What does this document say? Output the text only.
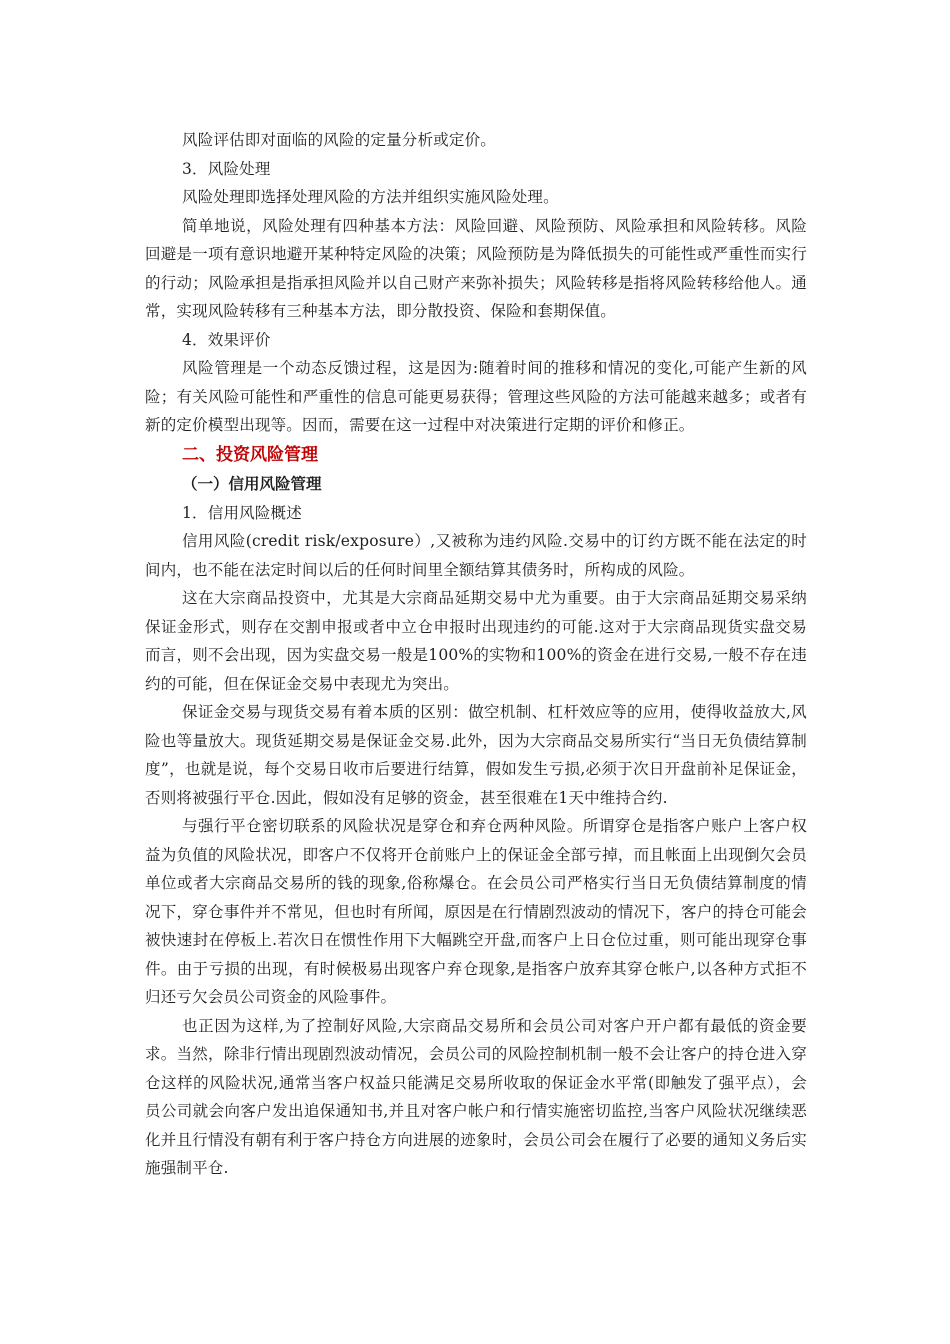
风险评估即对面临的风险的定量分析或定价。

3．风险处理

风险处理即选择处理风险的方法并组织实施风险处理。

简单地说，风险处理有四种基本方法：风险回避、风险预防、风险承担和风险转移。风险回避是一项有意识地避开某种特定风险的决策；风险预防是为降低损失的可能性或严重性而实行的行动；风险承担是指承担风险并以自己财产来弥补损失；风险转移是指将风险转移给他人。通常，实现风险转移有三种基本方法，即分散投资、保险和套期保值。

4．效果评价

风险管理是一个动态反馈过程，这是因为:随着时间的推移和情况的变化,可能产生新的风险；有关风险可能性和严重性的信息可能更易获得；管理这些风险的方法可能越来越多；或者有新的定价模型出现等。因而，需要在这一过程中对决策进行定期的评价和修正。

二、投资风险管理
（一）信用风险管理

1．信用风险概述

信用风险(credit risk/exposure）,又被称为违约风险.交易中的订约方既不能在法定的时间内，也不能在法定时间以后的任何时间里全额结算其债务时，所构成的风险。

这在大宗商品投资中，尤其是大宗商品延期交易中尤为重要。由于大宗商品延期交易采纳保证金形式，则存在交割申报或者中立仓申报时出现违约的可能.这对于大宗商品现货实盘交易而言，则不会出现，因为实盘交易一般是100%的实物和100%的资金在进行交易,一般不存在违约的可能，但在保证金交易中表现尤为突出。

保证金交易与现货交易有着本质的区别：做空机制、杠杆效应等的应用，使得收益放大,风险也等量放大。现货延期交易是保证金交易.此外，因为大宗商品交易所实行“当日无负债结算制度”，也就是说，每个交易日收市后要进行结算，假如发生亏损,必须于次日开盘前补足保证金，否则将被强行平仓.因此，假如没有足够的资金，甚至很难在1天中维持合约.

与强行平仓密切联系的风险状况是穿仓和弃仓两种风险。所谓穿仓是指客户账户上客户权益为负值的风险状况，即客户不仅将开仓前账户上的保证金全部亏掉，而且帐面上出现倒欠会员单位或者大宗商品交易所的钱的现象,俗称爆仓。在会员公司严格实行当日无负债结算制度的情况下，穿仓事件并不常见，但也时有所闻，原因是在行情剧烈波动的情况下，客户的持仓可能会被快速封在停板上.若次日在惯性作用下大幅跳空开盘,而客户上日仓位过重，则可能出现穿仓事件。由于亏损的出现，有时候极易出现客户弃仓现象,是指客户放弃其穿仓帐户,以各种方式拒不归还亏欠会员公司资金的风险事件。

也正因为这样,为了控制好风险,大宗商品交易所和会员公司对客户开户都有最低的资金要求。当然，除非行情出现剧烈波动情况，会员公司的风险控制机制一般不会让客户的持仓进入穿仓这样的风险状况,通常当客户权益只能满足交易所收取的保证金水平常(即触发了强平点），会员公司就会向客户发出追保通知书,并且对客户帐户和行情实施密切监控,当客户风险状况继续恶化并且行情没有朝有利于客户持仓方向进展的迹象时，会员公司会在履行了必要的通知义务后实施强制平仓.
